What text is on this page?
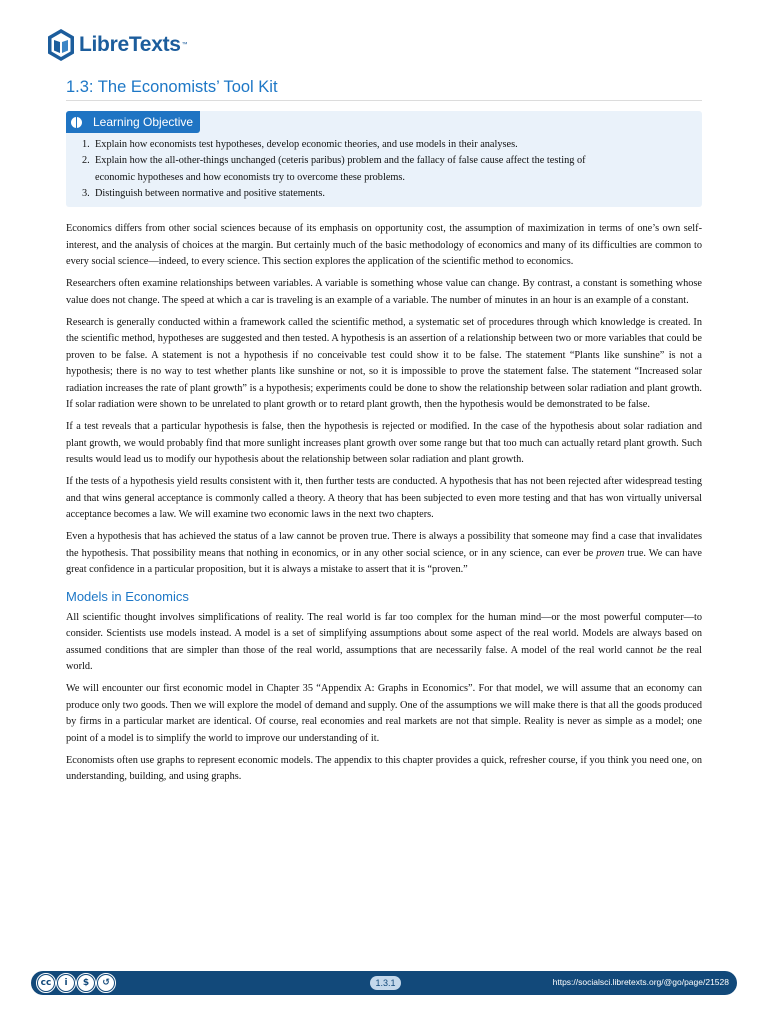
LibreTexts ™
1.3: The Economists’ Tool Kit
Learning Objective
1. Explain how economists test hypotheses, develop economic theories, and use models in their analyses.
2. Explain how the all-other-things unchanged (ceteris paribus) problem and the fallacy of false cause affect the testing of
economic hypotheses and how economists try to overcome these problems.
3. Distinguish between normative and positive statements.

Economics differs from other social sciences because of its emphasis on opportunity cost, the assumption of maximization in terms of one’s own self-interest, and the analysis of choices at the margin. But certainly much of the basic methodology of economics and many of its difficulties are common to every social science—indeed, to every science. This section explores the application of the scientific method to economics.

Researchers often examine relationships between variables. A variable is something whose value can change. By contrast, a constant is something whose value does not change. The speed at which a car is traveling is an example of a variable. The number of minutes in an hour is an example of a constant.

Research is generally conducted within a framework called the scientific method, a systematic set of procedures through which knowledge is created. In the scientific method, hypotheses are suggested and then tested. A hypothesis is an assertion of a relationship between two or more variables that could be proven to be false. A statement is not a hypothesis if no conceivable test could show it to be false. The statement “Plants like sunshine” is not a hypothesis; there is no way to test whether plants like sunshine or not, so it is impossible to prove the statement false. The statement “Increased solar radiation increases the rate of plant growth” is a hypothesis; experiments could be done to show the relationship between solar radiation and plant growth. If solar radiation were shown to be unrelated to plant growth or to retard plant growth, then the hypothesis would be demonstrated to be false.

If a test reveals that a particular hypothesis is false, then the hypothesis is rejected or modified. In the case of the hypothesis about solar radiation and plant growth, we would probably find that more sunlight increases plant growth over some range but that too much can actually retard plant growth. Such results would lead us to modify our hypothesis about the relationship between solar radiation and plant growth.

If the tests of a hypothesis yield results consistent with it, then further tests are conducted. A hypothesis that has not been rejected after widespread testing and that wins general acceptance is commonly called a theory. A theory that has been subjected to even more testing and that has won virtually universal acceptance becomes a law. We will examine two economic laws in the next two chapters.

Even a hypothesis that has achieved the status of a law cannot be proven true. There is always a possibility that someone may find a case that invalidates the hypothesis. That possibility means that nothing in economics, or in any other social science, or in any science, can ever be proven true. We can have great confidence in a particular proposition, but it is always a mistake to assert that it is “proven.”

Models in Economics

All scientific thought involves simplifications of reality. The real world is far too complex for the human mind—or the most powerful computer—to consider. Scientists use models instead. A model is a set of simplifying assumptions about some aspect of the real world. Models are always based on assumed conditions that are simpler than those of the real world, assumptions that are necessarily false. A model of the real world cannot be the real world.

We will encounter our first economic model in Chapter 35 “Appendix A: Graphs in Economics”. For that model, we will assume that an economy can produce only two goods. Then we will explore the model of demand and supply. One of the assumptions we will make there is that all the goods produced by firms in a particular market are identical. Of course, real economies and real markets are not that simple. Reality is never as simple as a model; one point of a model is to simplify the world to improve our understanding of it.

Economists often use graphs to represent economic models. The appendix to this chapter provides a quick, refresher course, if you think you need one, on understanding, building, and using graphs.

cc	i	$	↺	1.3.1	https://socialsci.libretexts.org/@go/page/21528
